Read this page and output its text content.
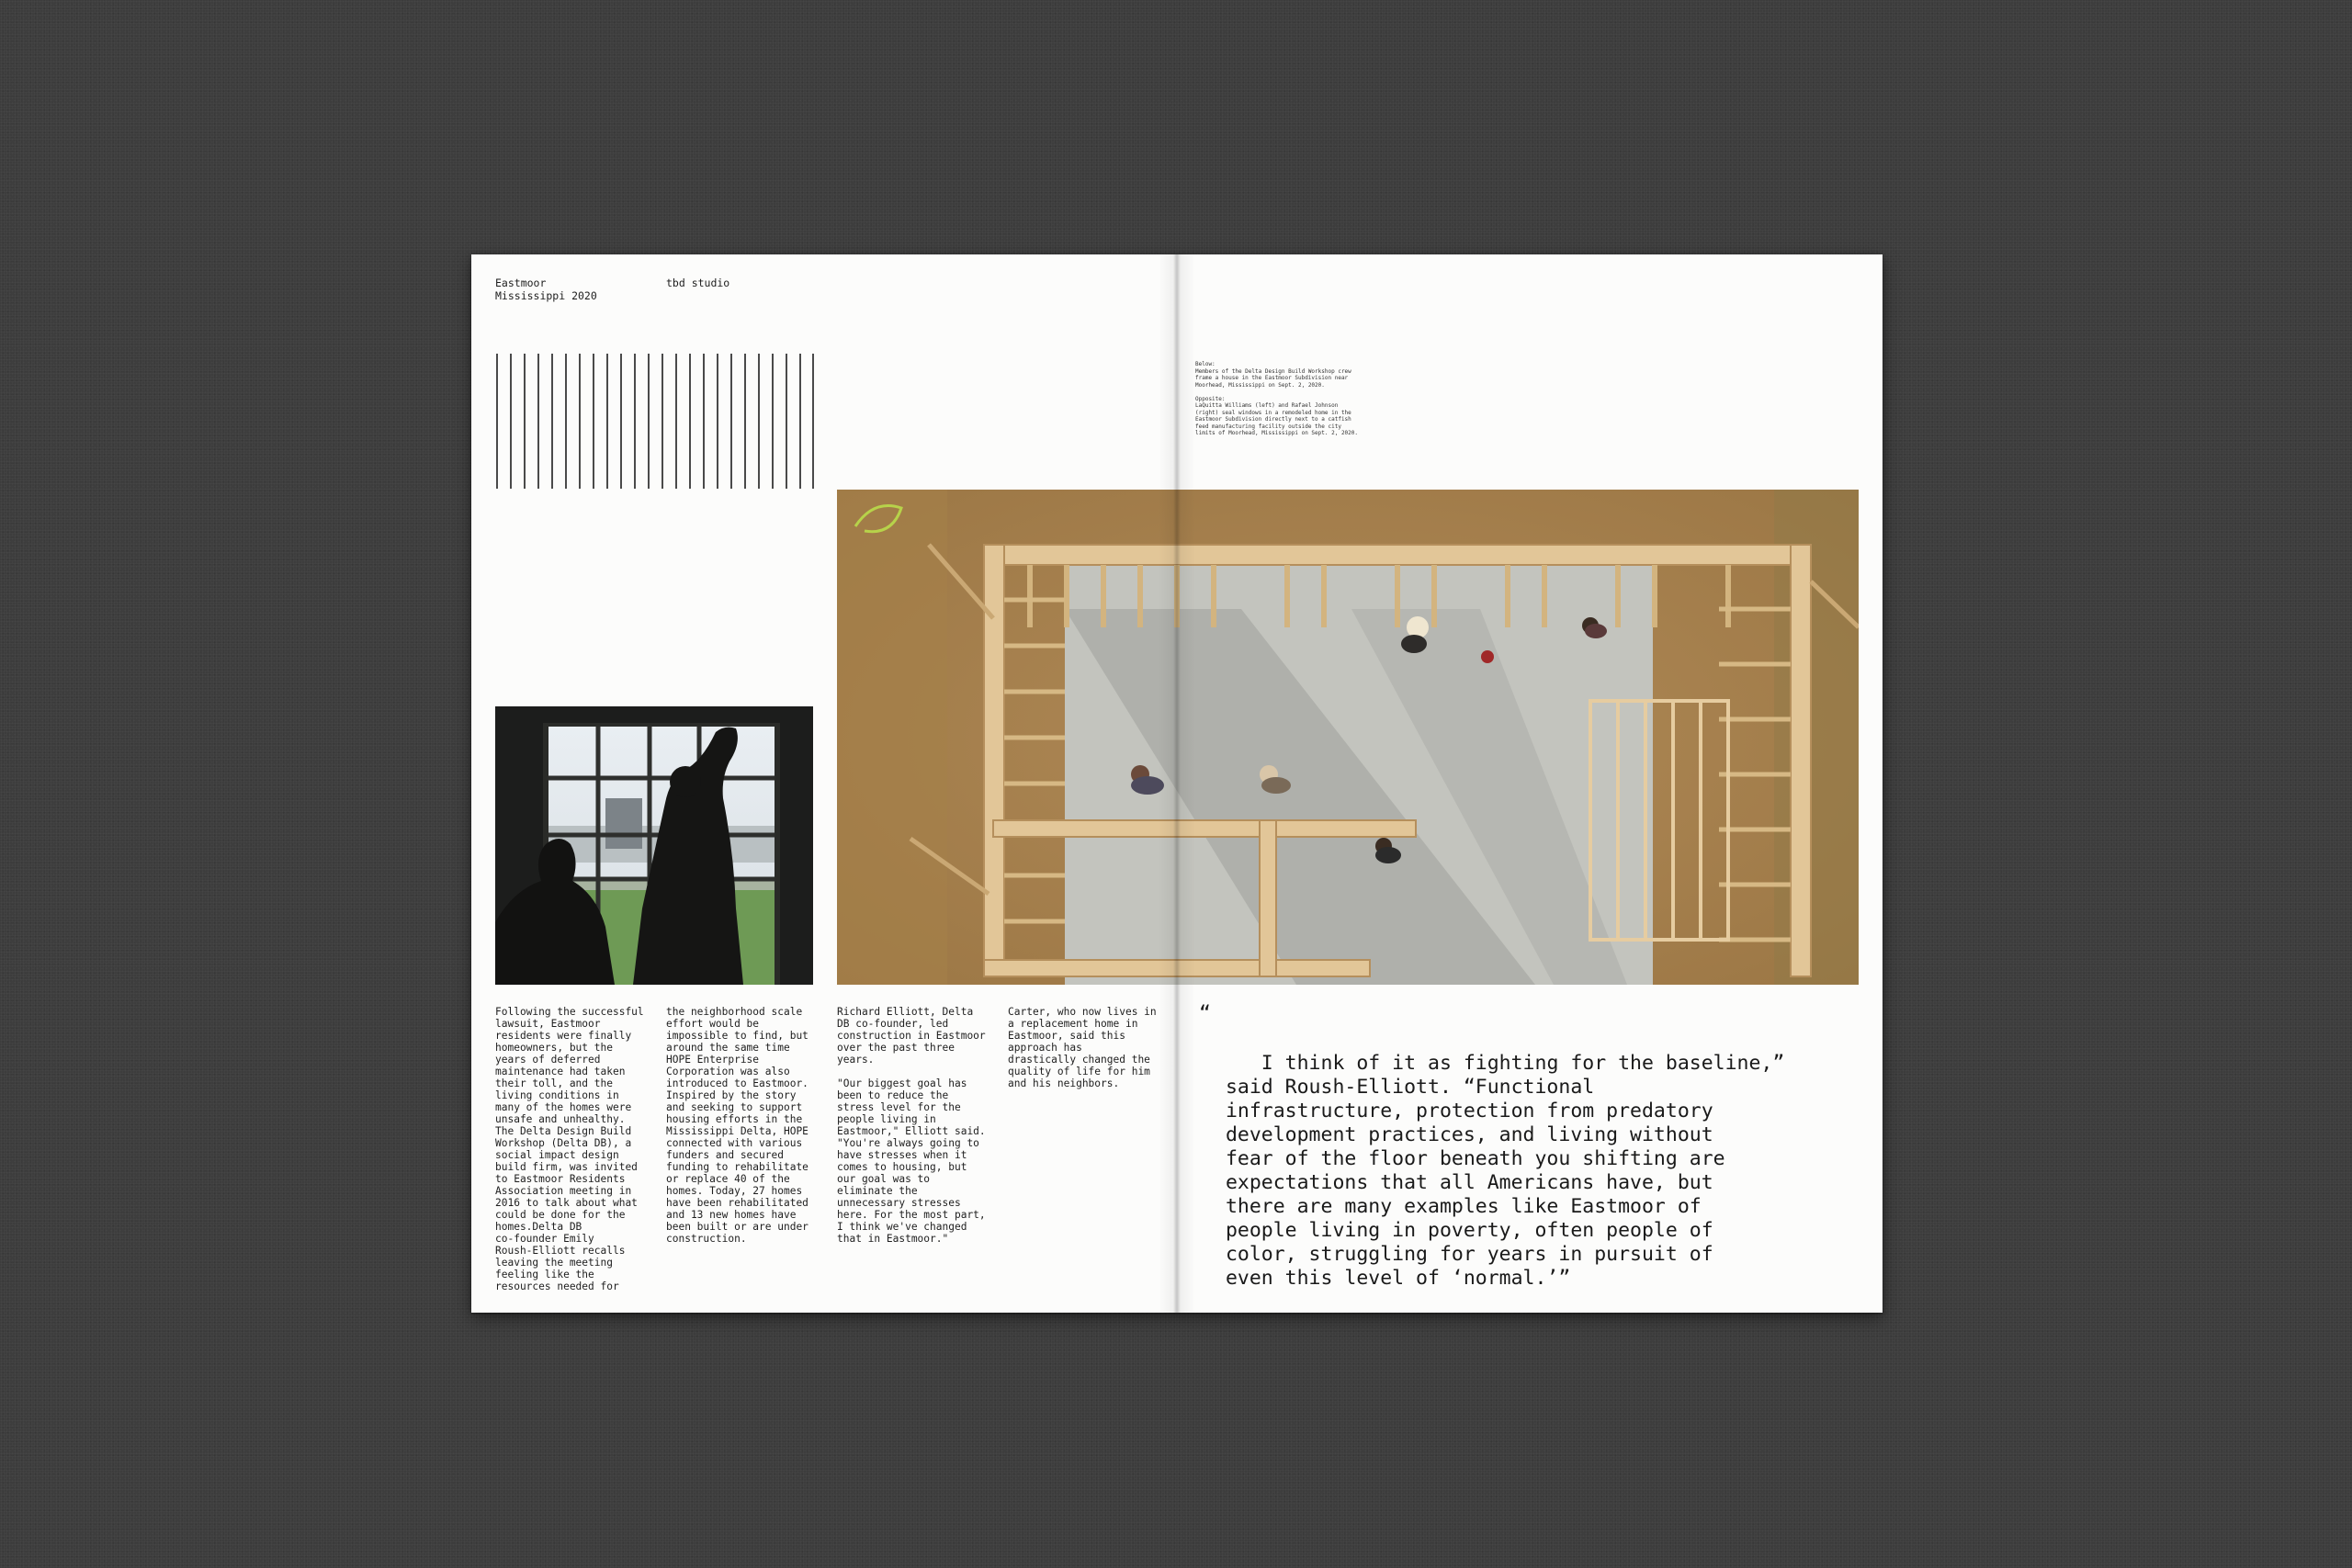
Eastmoor
Mississippi 2020
tbd studio
Following the successful
lawsuit, Eastmoor
residents were finally
homeowners, but the
years of deferred
maintenance had taken
their toll, and the
living conditions in
many of the homes were
unsafe and unhealthy.
The Delta Design Build
Workshop (Delta DB), a
social impact design
build firm, was invited
to Eastmoor Residents
Association meeting in
2016 to talk about what
could be done for the
homes.Delta DB
co-founder Emily
Roush-Elliott recalls
leaving the meeting
feeling like the
resources needed for
the neighborhood scale
effort would be
impossible to find, but
around the same time
HOPE Enterprise
Corporation was also
introduced to Eastmoor.
Inspired by the story
and seeking to support
housing efforts in the
Mississippi Delta, HOPE
connected with various
funders and secured
funding to rehabilitate
or replace 40 of the
homes. Today, 27 homes
have been rehabilitated
and 13 new homes have
been built or are under
construction.
Richard Elliott, Delta
DB co-founder, led
construction in Eastmoor
over the past three
years.

"Our biggest goal has
been to reduce the
stress level for the
people living in
Eastmoor," Elliott said.
"You're always going to
have stresses when it
comes to housing, but
our goal was to
eliminate the
unnecessary stresses
here. For the most part,
I think we've changed
that in Eastmoor."
Carter, who now lives in
a replacement home in
Eastmoor, said this
approach has
drastically changed the
quality of life for him
and his neighbors.
Below:
Members of the Delta Design Build Workshop crew
frame a house in the Eastmoor Subdivision near
Moorhead, Mississippi on Sept. 2, 2020.

Opposite:
LaQuitta Williams (left) and Rafael Johnson
(right) seal windows in a remodeled home in the
Eastmoor Subdivision directly next to a catfish
feed manufacturing facility outside the city
limits of Moorhead, Mississippi on Sept. 2, 2020.

“

I think of it as fighting for the baseline,”
said Roush-Elliott. “Functional
infrastructure, protection from predatory
development practices, and living without
fear of the floor beneath you shifting are
expectations that all Americans have, but
there are many examples like Eastmoor of
people living in poverty, often people of
color, struggling for years in pursuit of
even this level of ‘normal.’”
